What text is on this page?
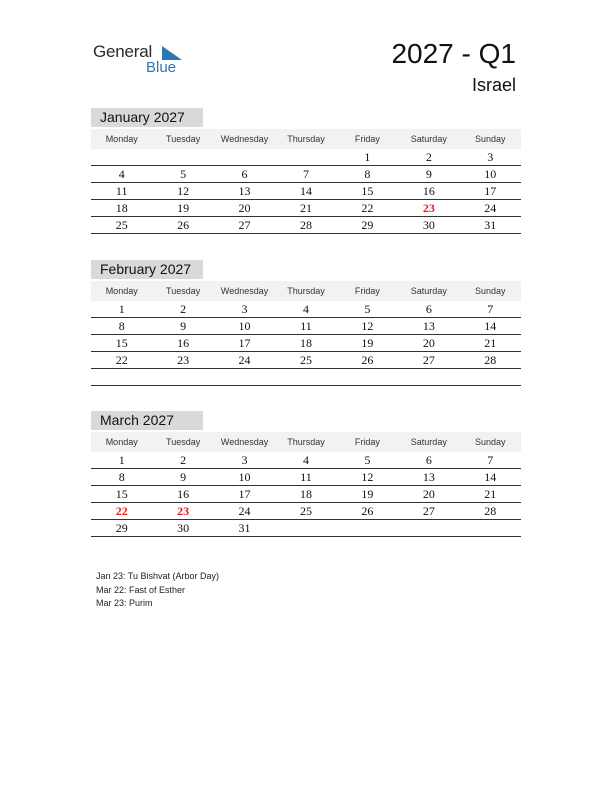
General
Blue	2027 - Q1
Israel
January 2027
Monday	Tuesday	Wednesday	Thursday	Friday	Saturday	Sunday
				1	2	3
4	5	6	7	8	9	10
11	12	13	14	15	16	17
18	19	20	21	22	23	24
25	26	27	28	29	30	31
February 2027
Monday	Tuesday	Wednesday	Thursday	Friday	Saturday	Sunday
1	2	3	4	5	6	7
8	9	10	11	12	13	14
15	16	17	18	19	20	21
22	23	24	25	26	27	28

March 2027
Monday	Tuesday	Wednesday	Thursday	Friday	Saturday	Sunday
1	2	3	4	5	6	7
8	9	10	11	12	13	14
15	16	17	18	19	20	21
22	23	24	25	26	27	28
29	30	31				
Jan 23: Tu Bishvat (Arbor Day)
Mar 22: Fast of Esther
Mar 23: Purim
